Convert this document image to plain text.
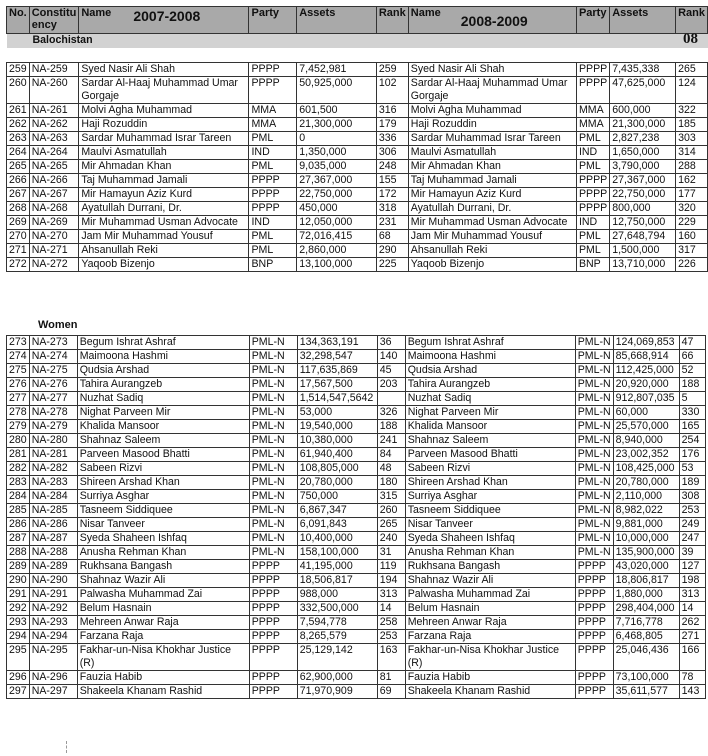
No.	Constitu ency	Name 2007-2008	Party	Assets	Rank	Name 2008-2009	Party	Assets	Rank
Balochistan									

259	NA-259	Syed Nasir Ali Shah	PPPP	7,452,981	259	Syed Nasir Ali Shah	PPPP	7,435,338	265
260	NA-260	Sardar Al-Haaj Muhammad Umar Gorgaje	PPPP	50,925,000	102	Sardar Al-Haaj Muhammad Umar Gorgaje	PPPP	47,625,000	124
261	NA-261	Molvi Agha Muhammad	MMA	601,500	316	Molvi Agha Muhammad	MMA	600,000	322
262	NA-262	Haji Rozuddin	MMA	21,300,000	179	Haji Rozuddin	MMA	21,300,000	185
263	NA-263	Sardar Muhammad Israr Tareen	PML	0	336	Sardar Muhammad Israr Tareen	PML	2,827,238	303
264	NA-264	Maulvi Asmatullah	IND	1,350,000	306	Maulvi Asmatullah	IND	1,650,000	314
265	NA-265	Mir Ahmadan Khan	PML	9,035,000	248	Mir Ahmadan Khan	PML	3,790,000	288
266	NA-266	Taj Muhammad Jamali	PPPP	27,367,000	155	Taj Muhammad Jamali	PPPP	27,367,000	162
267	NA-267	Mir Hamayun Aziz Kurd	PPPP	22,750,000	172	Mir Hamayun Aziz Kurd	PPPP	22,750,000	177
268	NA-268	Ayatullah Durrani, Dr.	PPPP	450,000	318	Ayatullah Durrani, Dr.	PPPP	800,000	320
269	NA-269	Mir Muhammad Usman Advocate	IND	12,050,000	231	Mir Muhammad Usman Advocate	IND	12,750,000	229
270	NA-270	Jam Mir Muhammad Yousuf	PML	72,016,415	68	Jam Mir Muhammad Yousuf	PML	27,648,794	160
271	NA-271	Ahsanullah Reki	PML	2,860,000	290	Ahsanullah Reki	PML	1,500,000	317
272	NA-272	Yaqoob Bizenjo	BNP	13,100,000	225	Yaqoob Bizenjo	BNP	13,710,000	226
08
Women
273	NA-273	Begum Ishrat Ashraf	PML-N	134,363,191	36	Begum Ishrat Ashraf	PML-N	124,069,853	47
274	NA-274	Maimoona Hashmi	PML-N	32,298,547	140	Maimoona Hashmi	PML-N	85,668,914	66
275	NA-275	Qudsia Arshad	PML-N	117,635,869	45	Qudsia Arshad	PML-N	112,425,000	52
276	NA-276	Tahira Aurangzeb	PML-N	17,567,500	203	Tahira Aurangzeb	PML-N	20,920,000	188
277	NA-277	Nuzhat Sadiq	PML-N	1,514,547,5642		Nuzhat Sadiq	PML-N	912,807,035	5
278	NA-278	Nighat Parveen Mir	PML-N	53,000	326	Nighat Parveen Mir	PML-N	60,000	330
279	NA-279	Khalida Mansoor	PML-N	19,540,000	188	Khalida Mansoor	PML-N	25,570,000	165
280	NA-280	Shahnaz Saleem	PML-N	10,380,000	241	Shahnaz Saleem	PML-N	8,940,000	254
281	NA-281	Parveen Masood Bhatti	PML-N	61,940,400	84	Parveen Masood Bhatti	PML-N	23,002,352	176
282	NA-282	Sabeen Rizvi	PML-N	108,805,000	48	Sabeen Rizvi	PML-N	108,425,000	53
283	NA-283	Shireen Arshad Khan	PML-N	20,780,000	180	Shireen Arshad Khan	PML-N	20,780,000	189
284	NA-284	Surriya Asghar	PML-N	750,000	315	Surriya Asghar	PML-N	2,110,000	308
285	NA-285	Tasneem Siddiquee	PML-N	6,867,347	260	Tasneem Siddiquee	PML-N	8,982,022	253
286	NA-286	Nisar Tanveer	PML-N	6,091,843	265	Nisar Tanveer	PML-N	9,881,000	249
287	NA-287	Syeda Shaheen Ishfaq	PML-N	10,400,000	240	Syeda Shaheen Ishfaq	PML-N	10,000,000	247
288	NA-288	Anusha Rehman Khan	PML-N	158,100,000	31	Anusha Rehman Khan	PML-N	135,900,000	39
289	NA-289	Rukhsana Bangash	PPPP	41,195,000	119	Rukhsana Bangash	PPPP	43,020,000	127
290	NA-290	Shahnaz Wazir Ali	PPPP	18,506,817	194	Shahnaz Wazir Ali	PPPP	18,806,817	198
291	NA-291	Palwasha Muhammad Zai	PPPP	988,000	313	Palwasha Muhammad Zai	PPPP	1,880,000	313
292	NA-292	Belum Hasnain	PPPP	332,500,000	14	Belum Hasnain	PPPP	298,404,000	14
293	NA-293	Mehreen Anwar Raja	PPPP	7,594,778	258	Mehreen Anwar Raja	PPPP	7,716,778	262
294	NA-294	Farzana Raja	PPPP	8,265,579	253	Farzana Raja	PPPP	6,468,805	271
295	NA-295	Fakhar-un-Nisa Khokhar Justice (R)	PPPP	25,129,142	163	Fakhar-un-Nisa Khokhar Justice (R)	PPPP	25,046,436	166
296	NA-296	Fauzia Habib	PPPP	62,900,000	81	Fauzia Habib	PPPP	73,100,000	78
297	NA-297	Shakeela Khanam Rashid	PPPP	71,970,909	69	Shakeela Khanam Rashid	PPPP	35,611,577	143
